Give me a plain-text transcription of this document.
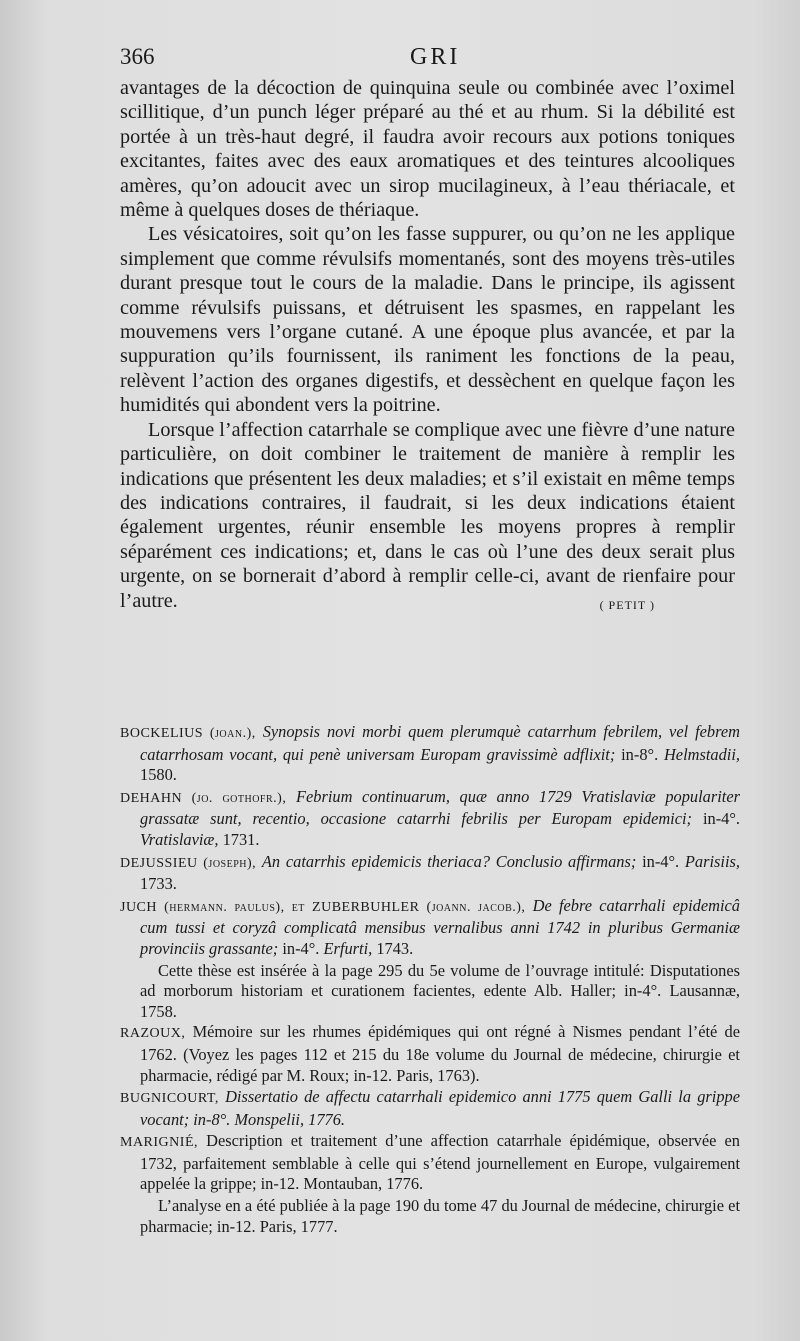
366	GRI

avantages de la décoction de quinquina seule ou combinée avec l’oximel scillitique, d’un punch léger préparé au thé et au rhum. Si la débilité est portée à un très-haut degré, il faudra avoir recours aux potions toniques excitantes, faites avec des eaux aromatiques et des teintures alcooliques amères, qu’on adoucit avec un sirop mucilagineux, à l’eau thériacale, et même à quelques doses de thériaque.

Les vésicatoires, soit qu’on les fasse suppurer, ou qu’on ne les applique simplement que comme révulsifs momentanés, sont des moyens très-utiles durant presque tout le cours de la maladie. Dans le principe, ils agissent comme révulsifs puissans, et détruisent les spasmes, en rappelant les mouvemens vers l’organe cutané. A une époque plus avancée, et par la suppuration qu’ils fournissent, ils raniment les fonctions de la peau, relèvent l’action des organes digestifs, et dessèchent en quelque façon les humidités qui abondent vers la poitrine.

Lorsque l’affection catarrhale se complique avec une fièvre d’une nature particulière, on doit combiner le traitement de manière à remplir les indications que présentent les deux maladies; et s’il existait en même temps des indications contraires, il faudrait, si les deux indications étaient également urgentes, réunir ensemble les moyens propres à remplir séparément ces indications; et, dans le cas où l’une des deux serait plus urgente, on se bornerait d’abord à remplir celle-ci, avant de rienfaire pour l’autre.	( PETIT )

BOCKELIUS (joan.), Synopsis novi morbi quem plerumquè catarrhum febrilem, vel febrem catarrhosam vocant, qui penè universam Europam gravissimè adflixit; in-8°. Helmstadii, 1580.

DEHAHN (jo. gothofr.), Febrium continuarum, quæ anno 1729 Vratislaviæ populariter grassatæ sunt, recentio, occasione catarrhi febrilis per Europam epidemici; in-4°. Vratislaviæ, 1731.

DEJUSSIEU (joseph), An catarrhis epidemicis theriaca? Conclusio affirmans; in-4°. Parisiis, 1733.

JUCH (hermann. paulus), et ZUBERBUHLER (joann. jacob.), De febre catarrhali epidemicâ cum tussi et coryzâ complicatâ mensibus vernalibus anni 1742 in pluribus Germaniæ provinciis grassante; in-4°. Erfurti, 1743.

Cette thèse est insérée à la page 295 du 5e volume de l’ouvrage intitulé: Disputationes ad morborum historiam et curationem facientes, edente Alb. Haller; in-4°. Lausannæ, 1758.

RAZOUX, Mémoire sur les rhumes épidémiques qui ont régné à Nismes pendant l’été de 1762. (Voyez les pages 112 et 215 du 18e volume du Journal de médecine, chirurgie et pharmacie, rédigé par M. Roux; in-12. Paris, 1763).

BUGNICOURT, Dissertatio de affectu catarrhali epidemico anni 1775 quem Galli la grippe vocant; in-8°. Monspelii, 1776.

MARIGNIÉ, Description et traitement d’une affection catarrhale épidémique, observée en 1732, parfaitement semblable à celle qui s’étend journellement en Europe, vulgairement appelée la grippe; in-12. Montauban, 1776.

L’analyse en a été publiée à la page 190 du tome 47 du Journal de médecine, chirurgie et pharmacie; in-12. Paris, 1777.
